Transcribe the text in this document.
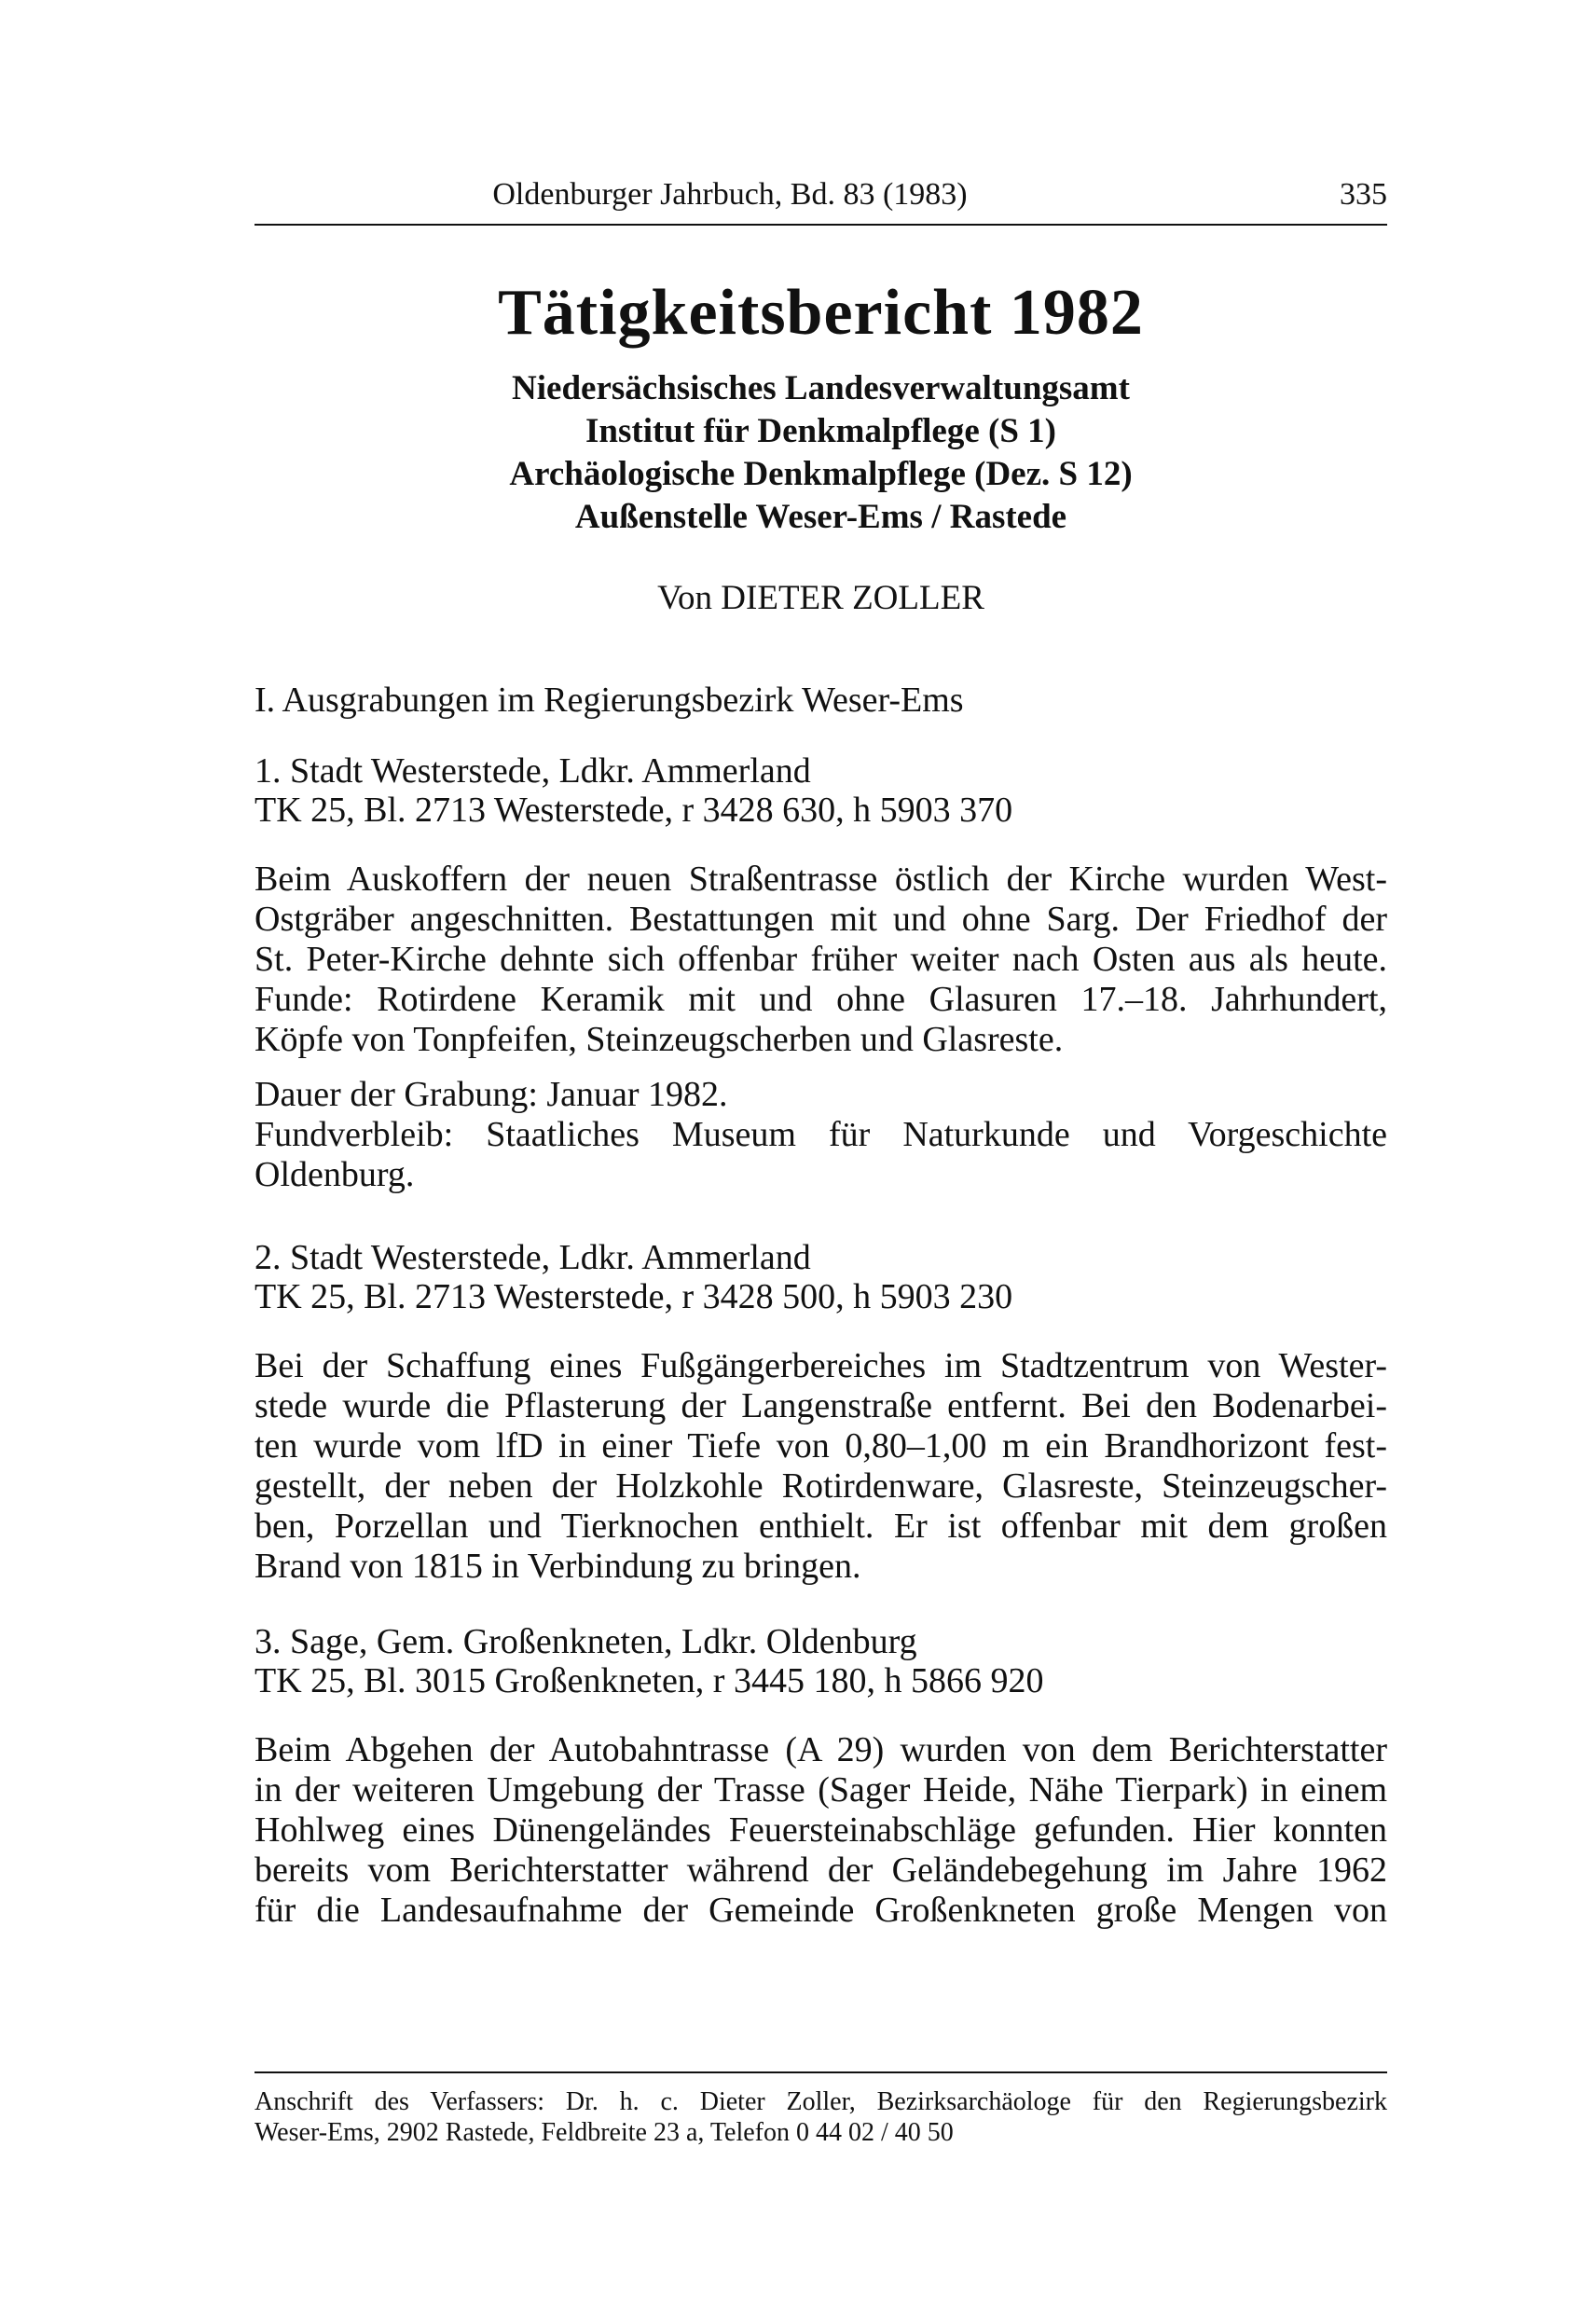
Oldenburger Jahrbuch, Bd. 83 (1983)	335
Tätigkeitsbericht 1982
Niedersächsisches Landesverwaltungsamt
Institut für Denkmalpflege (S 1)
Archäologische Denkmalpflege (Dez. S 12)
Außenstelle Weser-Ems / Rastede
Von DIETER ZOLLER
I. Ausgrabungen im Regierungsbezirk Weser-Ems
1. Stadt Westerstede, Ldkr. Ammerland
TK 25, Bl. 2713 Westerstede, r 3428 630, h 5903 370
Beim Auskoffern der neuen Straßentrasse östlich der Kirche wurden West-
Ostgräber angeschnitten. Bestattungen mit und ohne Sarg. Der Friedhof der
St. Peter-Kirche dehnte sich offenbar früher weiter nach Osten aus als heute.
Funde: Rotirdene Keramik mit und ohne Glasuren 17.–18. Jahrhundert,
Köpfe von Tonpfeifen, Steinzeugscherben und Glasreste.
Dauer der Grabung: Januar 1982.
Fundverbleib: Staatliches Museum für Naturkunde und Vorgeschichte
Oldenburg.
2. Stadt Westerstede, Ldkr. Ammerland
TK 25, Bl. 2713 Westerstede, r 3428 500, h 5903 230
Bei der Schaffung eines Fußgängerbereiches im Stadtzentrum von Wester-
stede wurde die Pflasterung der Langenstraße entfernt. Bei den Bodenarbei-
ten wurde vom lfD in einer Tiefe von 0,80–1,00 m ein Brandhorizont fest-
gestellt, der neben der Holzkohle Rotirdenware, Glasreste, Steinzeugscher-
ben, Porzellan und Tierknochen enthielt. Er ist offenbar mit dem großen
Brand von 1815 in Verbindung zu bringen.
3. Sage, Gem. Großenkneten, Ldkr. Oldenburg
TK 25, Bl. 3015 Großenkneten, r 3445 180, h 5866 920
Beim Abgehen der Autobahntrasse (A 29) wurden von dem Berichterstatter
in der weiteren Umgebung der Trasse (Sager Heide, Nähe Tierpark) in einem
Hohlweg eines Dünengeländes Feuersteinabschläge gefunden. Hier konnten
bereits vom Berichterstatter während der Geländebegehung im Jahre 1962
für die Landesaufnahme der Gemeinde Großenkneten große Mengen von
Anschrift des Verfassers: Dr. h. c. Dieter Zoller, Bezirksarchäologe für den Regierungsbezirk
Weser-Ems, 2902 Rastede, Feldbreite 23 a, Telefon 0 44 02 / 40 50
